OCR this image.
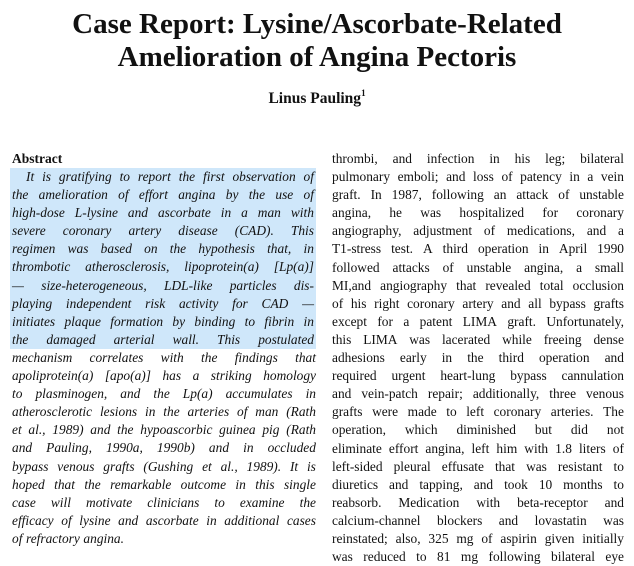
Case Report: Lysine/Ascorbate-Related
Amelioration of Angina Pectoris
Linus Pauling$^1$
Abstract
It is gratifying to report the first observation of
the amelioration of effort angina by the use of
high-dose L-lysine and ascorbate in a man with
severe coronary artery disease (CAD). This
regimen was based on the hypothesis that, in
thrombotic atherosclerosis, lipoprotein(a) [Lp(a)]
— size-heterogeneous, LDL-like particles dis-
playing independent risk activity for CAD —
initiates plaque formation by binding to fibrin in
the damaged arterial wall. This postulated
mechanism correlates with the findings that
apoliprotein(a) [apo(a)] has a striking homology
to plasminogen, and the Lp(a) accumulates in
atherosclerotic lesions in the arteries of man (Rath
et al., 1989) and the hypoascorbic guinea pig (Rath
and Pauling, 1990a, 1990b) and in occluded
bypass venous grafts (Gushing et al., 1989). It is
hoped that the remarkable outcome in this single
case will motivate clinicians to examine the
efficacy of lysine and ascorbate in additional cases
of refractory angina.
thrombi, and infection in his leg; bilateral
pulmonary emboli; and loss of patency in a vein
graft. In 1987, following an attack of unstable
angina, he was hospitalized for coronary
angiography, adjustment of medications, and a
T1-stress test. A third operation in April 1990
followed attacks of unstable angina, a small
MI,and angiography that revealed total occlusion
of his right coronary artery and all bypass grafts
except for a patent LIMA graft. Unfortunately,
this LIMA was lacerated while freeing dense
adhesions early in the third operation and
required urgent heart-lung bypass cannulation
and vein-patch repair; additionally, three venous
grafts were made to left coronary arteries. The
operation, which diminished but did not
eliminate effort angina, left him with 1.8 liters of
left-sided pleural effusate that was resistant to
diuretics and tapping, and took 10 months to
reabsorb. Medication with beta-receptor and
calcium-channel blockers and lovastatin was
reinstated; also, 325 mg of aspirin given initially
was reduced to 81 mg following bilateral eye
